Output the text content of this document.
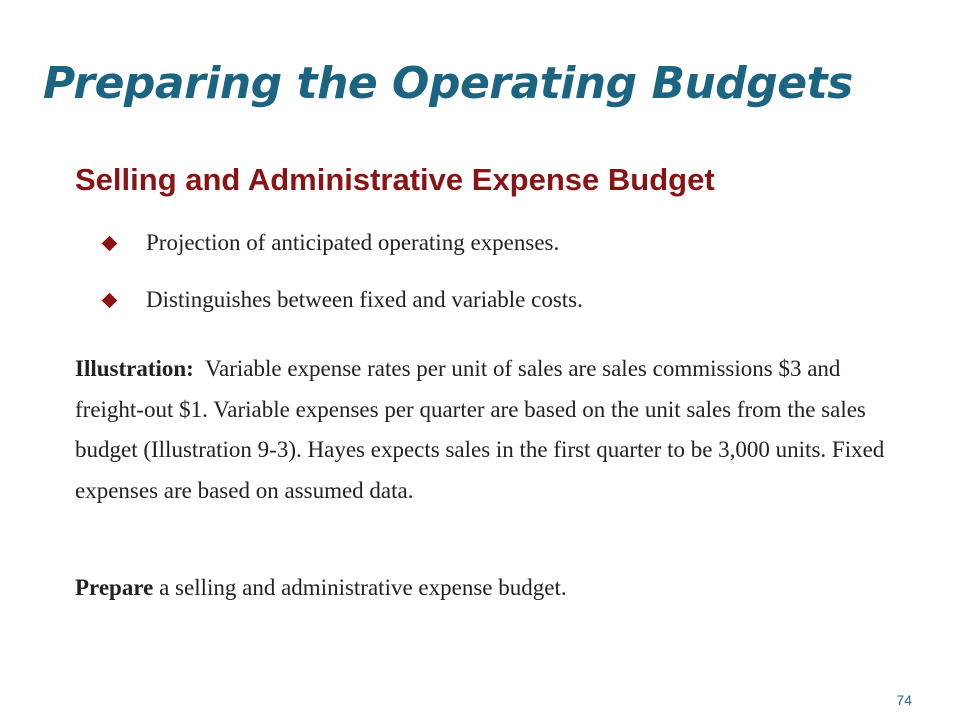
Preparing the Operating Budgets
Selling and Administrative Expense Budget
Projection of anticipated operating expenses.
Distinguishes between fixed and variable costs.

Illustration: Variable expense rates per unit of sales are sales commissions $3 and freight-out $1. Variable expenses per quarter are based on the unit sales from the sales budget (Illustration 9-3). Hayes expects sales in the first quarter to be 3,000 units. Fixed expenses are based on assumed data.

Prepare a selling and administrative expense budget.

74
